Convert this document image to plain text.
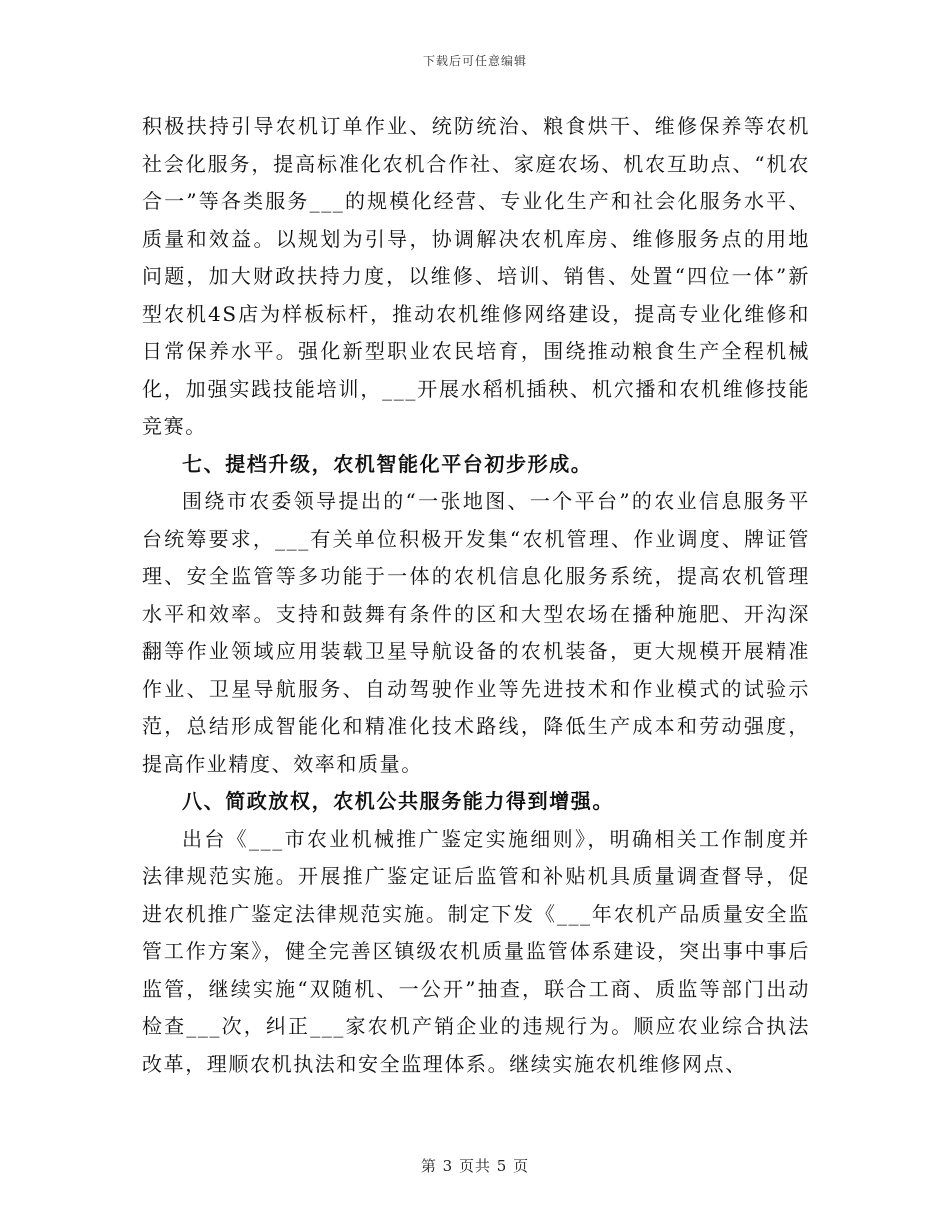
下载后可任意编辑

积极扶持引导农机订单作业、统防统治、粮食烘干、维修保养等农机社会化服务，提高标准化农机合作社、家庭农场、机农互助点、“机农合一”等各类服务___的规模化经营、专业化生产和社会化服务水平、质量和效益。以规划为引导，协调解决农机库房、维修服务点的用地问题，加大财政扶持力度，以维修、培训、销售、处置“四位一体”新型农机4S店为样板标杆，推动农机维修网络建设，提高专业化维修和日常保养水平。强化新型职业农民培育，围绕推动粮食生产全程机械化，加强实践技能培训，___开展水稻机插秧、机穴播和农机维修技能竞赛。

七、提档升级，农机智能化平台初步形成。

围绕市农委领导提出的“一张地图、一个平台”的农业信息服务平台统筹要求，___有关单位积极开发集“农机管理、作业调度、牌证管理、安全监管等多功能于一体的农机信息化服务系统，提高农机管理水平和效率。支持和鼓舞有条件的区和大型农场在播种施肥、开沟深翻等作业领域应用装载卫星导航设备的农机装备，更大规模开展精准作业、卫星导航服务、自动驾驶作业等先进技术和作业模式的试验示范，总结形成智能化和精准化技术路线，降低生产成本和劳动强度，提高作业精度、效率和质量。

八、简政放权，农机公共服务能力得到增强。

出台《___市农业机械推广鉴定实施细则》，明确相关工作制度并法律规范实施。开展推广鉴定证后监管和补贴机具质量调查督导，促进农机推广鉴定法律规范实施。制定下发《___年农机产品质量安全监管工作方案》，健全完善区镇级农机质量监管体系建设，突出事中事后监管，继续实施“双随机、一公开”抽查，联合工商、质监等部门出动检查___次，纠正___家农机产销企业的违规行为。顺应农业综合执法改革，理顺农机执法和安全监理体系。继续实施农机维修网点、

第 3 页共 5 页
